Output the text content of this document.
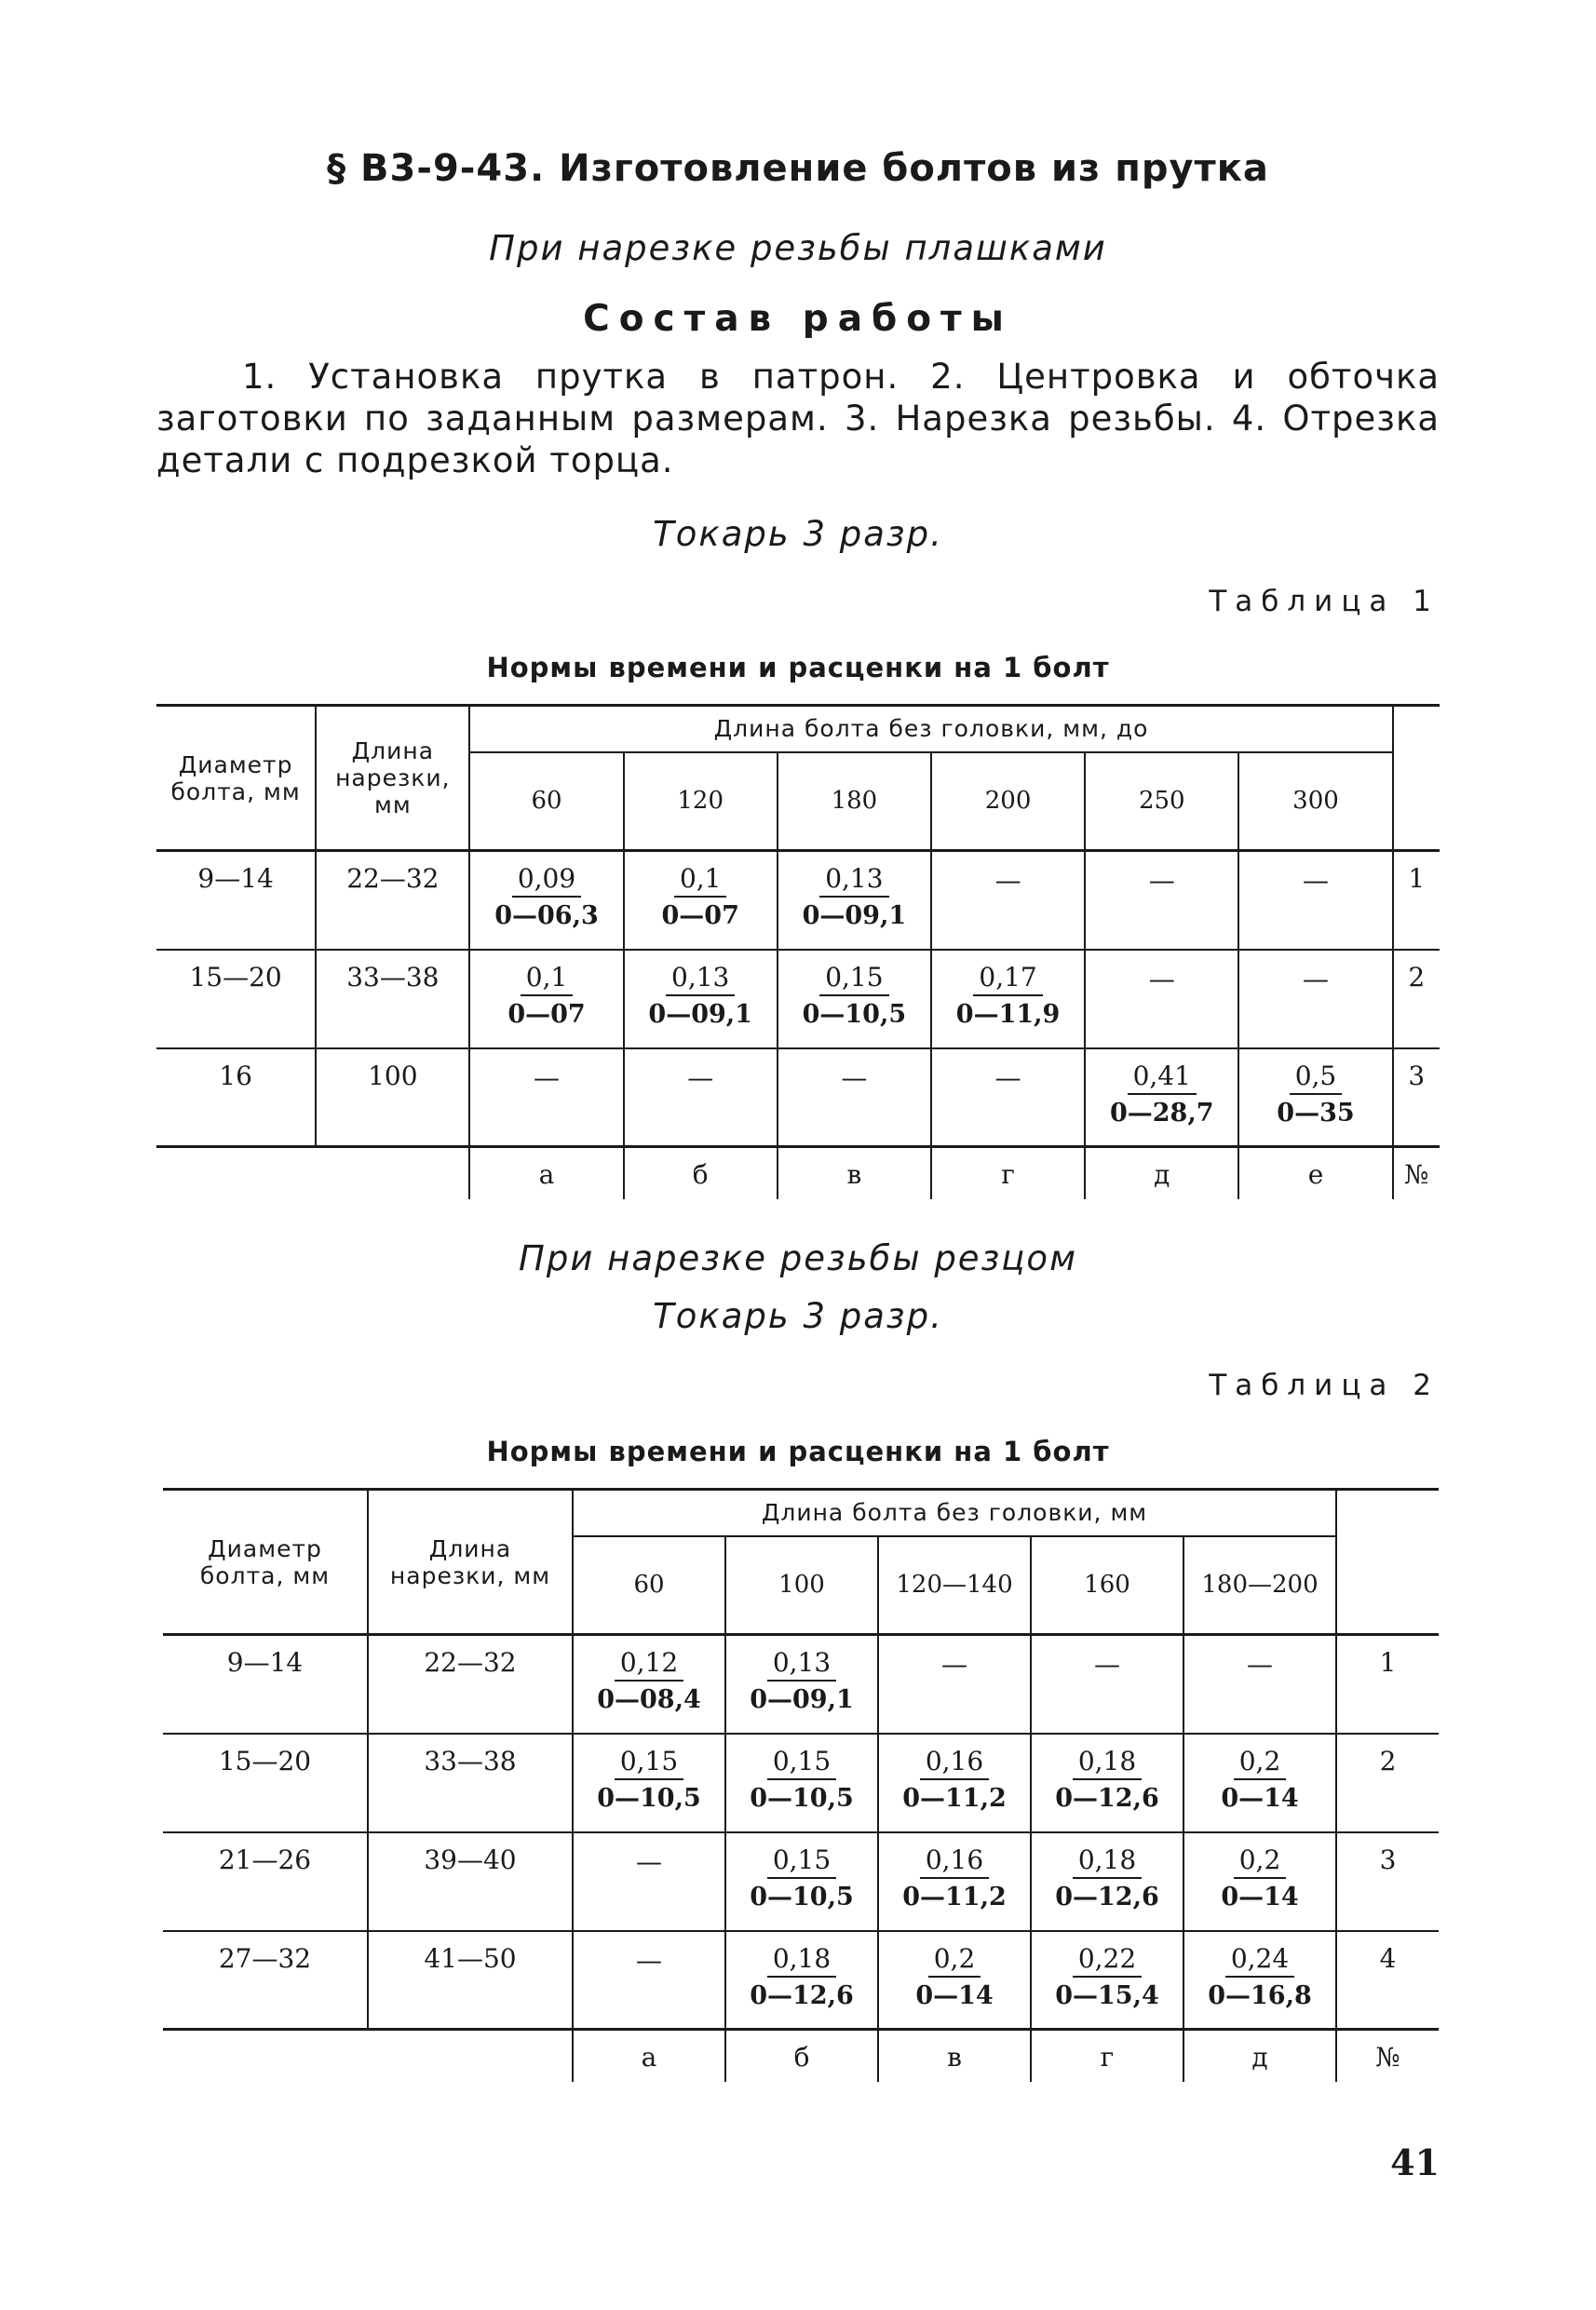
§ В3-9-43. Изготовление болтов из прутка
При нарезке резьбы плашками
Состав работы
1. Установка прутка в патрон. 2. Центровка и обточка заготовки по заданным размерам. 3. Нарезка резьбы. 4. Отрезка детали с подрезкой торца.
Токарь 3 разр.
Таблица 1
Нормы времени и расценки на 1 болт
Диаметр болта, мм	Длина нарезки, мм	Длина болта без головки, мм, до						
		60	120	180	200	250	300	
9—14	22—32	$\frac{0,09}{0—06,3}$	$\frac{0,1}{0—07}$	$\frac{0,13}{0—09,1}$	—	—	—	1
15—20	33—38	$\frac{0,1}{0—07}$	$\frac{0,13}{0—09,1}$	$\frac{0,15}{0—10,5}$	$\frac{0,17}{0—11,9}$	—	—	2
16	100	—	—	—	—	$\frac{0,41}{0—28,7}$	$\frac{0,5}{0—35}$	3
		а	б	в	г	д	е	№
При нарезке резьбы резцом
Токарь 3 разр.
Таблица 2
Нормы времени и расценки на 1 болт
Диаметр болта, мм	Длина нарезки, мм	Длина болта без головки, мм					
		60	100	120—140	160	180—200	
9—14	22—32	$\frac{0,12}{0—08,4}$	$\frac{0,13}{0—09,1}$	—	—	—	1
15—20	33—38	$\frac{0,15}{0—10,5}$	$\frac{0,15}{0—10,5}$	$\frac{0,16}{0—11,2}$	$\frac{0,18}{0—12,6}$	$\frac{0,2}{0—14}$	2
21—26	39—40	—	$\frac{0,15}{0—10,5}$	$\frac{0,16}{0—11,2}$	$\frac{0,18}{0—12,6}$	$\frac{0,2}{0—14}$	3
27—32	41—50	—	$\frac{0,18}{0—12,6}$	$\frac{0,2}{0—14}$	$\frac{0,22}{0—15,4}$	$\frac{0,24}{0—16,8}$	4
		а	б	в	г	д	№
41
